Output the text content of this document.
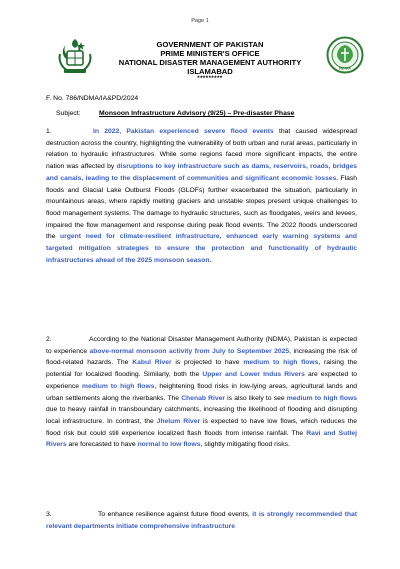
Page 1
NDMA
GOVERNMENT OF PAKISTAN
PRIME MINISTER'S OFFICE
NATIONAL DISASTER MANAGEMENT AUTHORITY
ISLAMABAD
*********
F. No. 786/NDMA/IA&PD/2024
Subject:	Monsoon Infrastructure Advisory (9/25) – Pre-disaster Phase

1.	In 2022, Pakistan experienced severe flood events that caused widespread destruction across the country, highlighting the vulnerability of both urban and rural areas, particularly in relation to hydraulic infrastructures. While some regions faced more significant impacts, the entire nation was affected by disruptions to key infrastructure such as dams, reservoirs, roads, bridges and canals, leading to the displacement of communities and significant economic losses. Flash floods and Glacial Lake Outburst Floods (GLOFs) further exacerbated the situation, particularly in mountainous areas, where rapidly melting glaciers and unstable slopes present unique challenges to flood management systems. The damage to hydraulic structures, such as floodgates, weirs and levees, impaired the flow management and response during peak flood events. The 2022 floods underscored the urgent need for climate-resilient infrastructure, enhanced early warning systems and targeted mitigation strategies to ensure the protection and functionality of hydraulic infrastructures ahead of the 2025 monsoon season.

2.	According to the National Disaster Management Authority (NDMA), Pakistan is expected to experience above-normal monsoon activity from July to September 2025, increasing the risk of flood-related hazards. The Kabul River is projected to have medium to high flows, raising the potential for localized flooding. Similarly, both the Upper and Lower Indus Rivers are expected to experience medium to high flows, heightening flood risks in low-lying areas, agricultural lands and urban settlements along the riverbanks. The Chenab River is also likely to see medium to high flows due to heavy rainfall in transboundary catchments, increasing the likelihood of flooding and disrupting local infrastructure. In contrast, the Jhelum River is expected to have low flows, which reduces the flood risk but could still experience localized flash floods from intense rainfall. The Ravi and Sutlej Rivers are forecasted to have normal to low flows, slightly mitigating flood risks.

3.	To enhance resilience against future flood events, it is strongly recommended that relevant departments initiate comprehensive infrastructure
